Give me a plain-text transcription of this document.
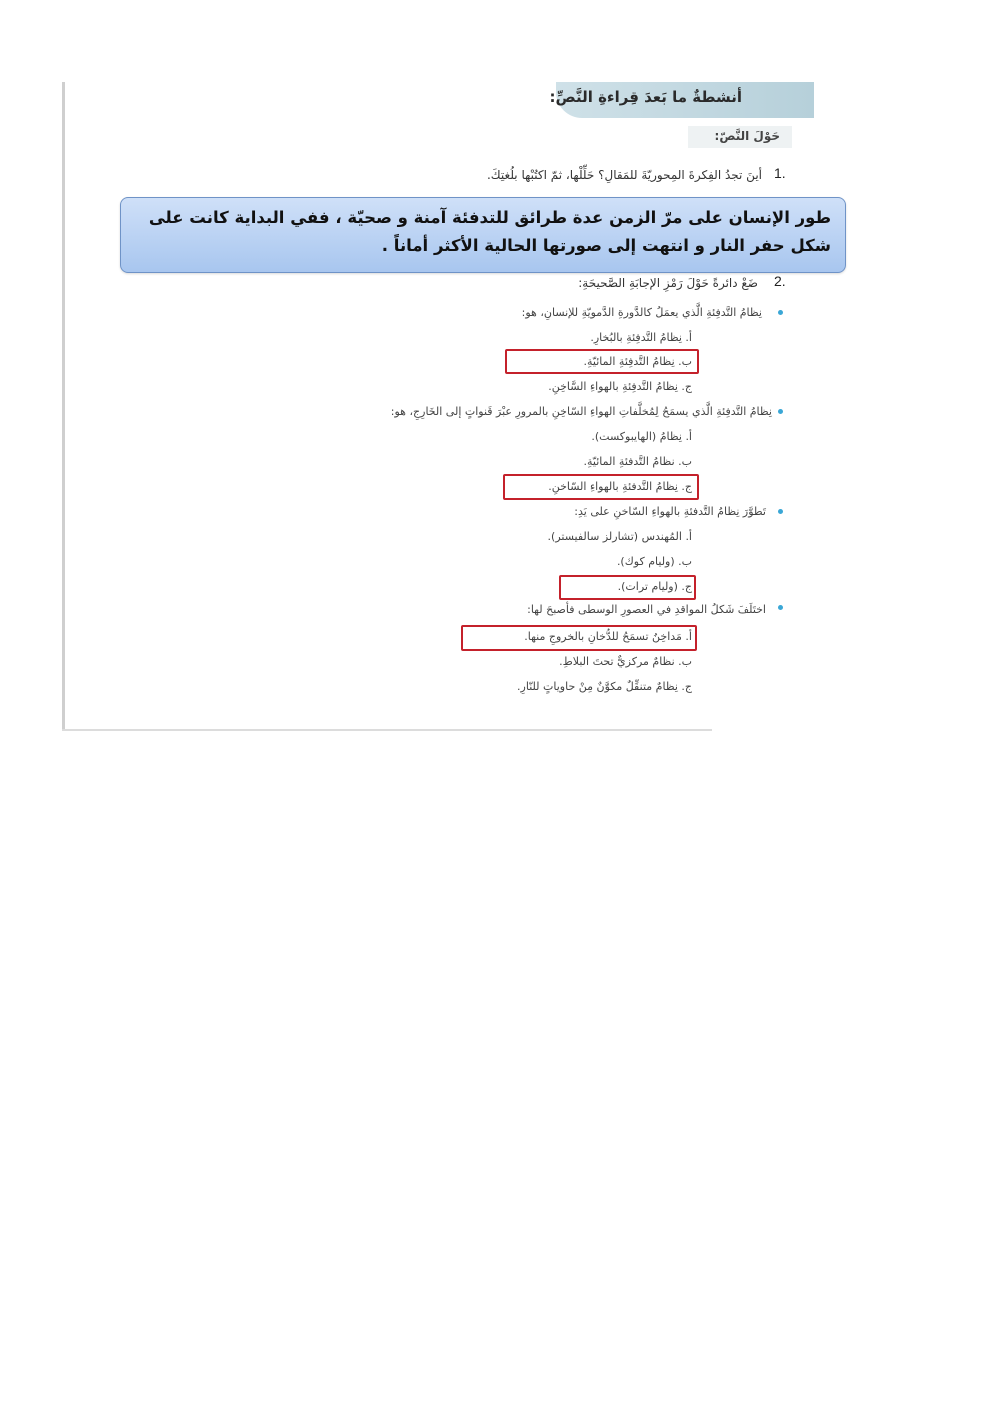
أنشطةٌ ما بَعدَ قِراءةِ النَّصِّ:
حَوْلَ النَّصّ:
1.
أينَ تجدُ الفِكرةَ المِحوريّةَ للمَقالِ؟ حَلِّلْها، ثمّ اكتُبْها بلُغتِكَ.
طور الإنسان على مرّ الزمن عدة طرائق للتدفئة آمنة و صحيّة ، ففي البداية كانت على
شكل حفر النار و انتهت إلى صورتها الحالية الأكثر أماناً .
2.
ضَعْ دائرةً حَوْلَ رَمْزِ الإجابَةِ الصَّحيحَةِ:
نِظامُ التَّدفِئةِ الَّذي يعمَلُ كالدَّورةِ الدَّمويّةِ للإنسانِ، هو:
أ. نِظامُ التَّدفِئةِ بالبُخارِ.
ب. نِظامُ التَّدفِئةِ المائيّةِ.
ج. نِظامُ التَّدفِئةِ بالهواءِ السَّاخِنِ.
نِظامُ التَّدفِئةِ الَّذي يسمَحُ لِمُخلَّفاتِ الهواءِ السّاخِنِ بالمرورِ عبْرَ قَنواتٍ إلى الخَارِجِ، هو:
أ. نِظامُ (الهايبوكست).
ب. نظامُ التَّدفئةِ المائيّةِ.
ج. نِظامُ التَّدفئةِ بالهواءِ السّاخنِ.
تَطوَّرَ نِظامُ التَّدفئةِ بالهواءِ السّاخنِ على يَدِ:
أ. المُهندس (تشارلز سالفيستر).
ب. (وليام كوك).
ج. (وليام ترات).
اختَلَفَ شَكلُ المواقدِ في العصورِ الوسطى فأصبحَ لها:
أ. مَداخِنُ تسمَحُ للدُّخانِ بالخروجِ منها.
ب. نظامٌ مركزيٌّ تحتَ البلاطِ.
ج. نِظامٌ متنقِّلٌ مكوَّنٌ مِنْ حاوياتٍ للنّارِ.
